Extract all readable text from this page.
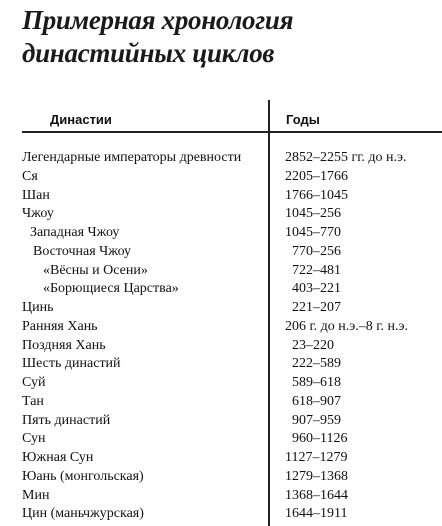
Примерная хронология
династийных циклов
Династии	Годы
Легендарные императоры древности	2852–2255 гг. до н.э.
Ся	2205–1766
Шан	1766–1045
Чжоу	1045–256
Западная Чжоу	1045–770
Восточная Чжоу	770–256
«Вёсны и Осени»	722–481
«Борющиеся Царства»	403–221
Цинь	221–207
Ранняя Хань	206 г. до н.э.–8 г. н.э.
Поздняя Хань	23–220
Шесть династий	222–589
Суй	589–618
Тан	618–907
Пять династий	907–959
Сун	960–1126
Южная Сун	1127–1279
Юань (монгольская)	1279–1368
Мин	1368–1644
Цин (маньчжурская)	1644–1911
